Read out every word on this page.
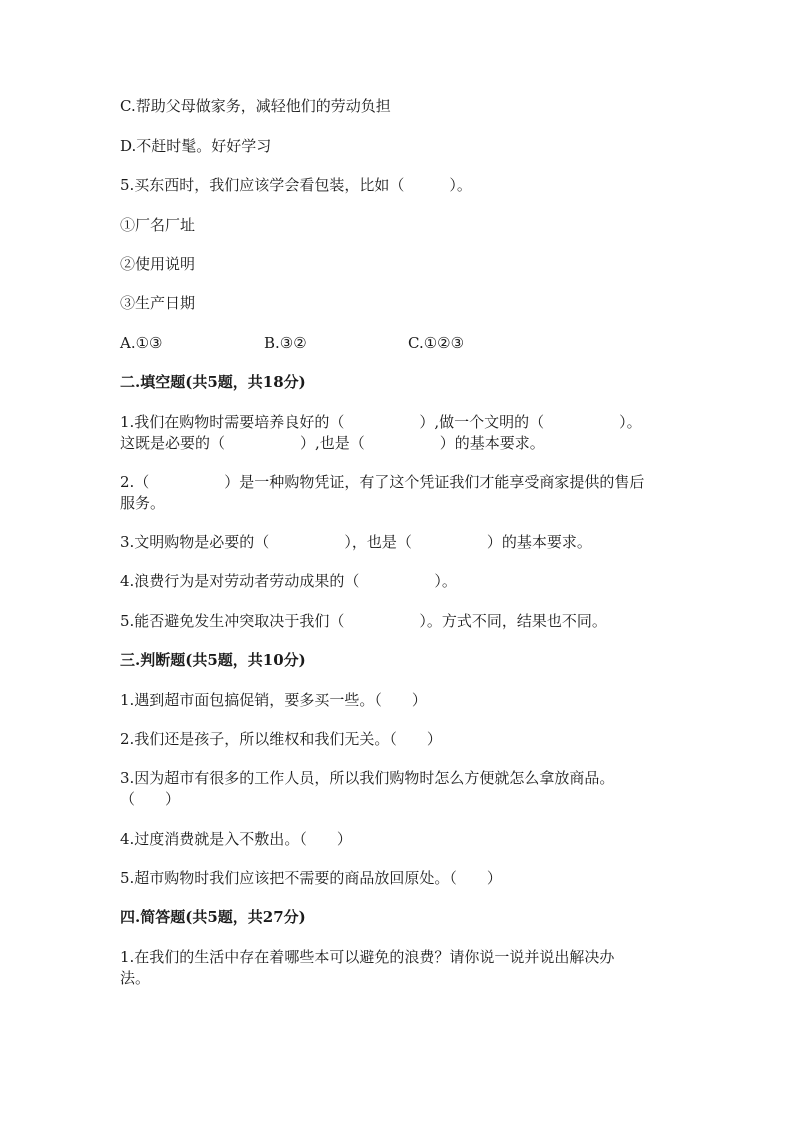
C.帮助父母做家务，减轻他们的劳动负担

D.不赶时髦。好好学习

5.买东西时，我们应该学会看包装，比如（　　　）。

①厂名厂址

②使用说明

③生产日期

A.①③	B.③②	C.①②③

二.填空题(共5题，共18分)

1.我们在购物时需要培养良好的（　　　　　）,做一个文明的（　　　　　）。

这既是必要的（　　　　　）,也是（　　　　　）的基本要求。

2.（　　　　　）是一种购物凭证，有了这个凭证我们才能享受商家提供的售后

服务。

3.文明购物是必要的（　　　　　），也是（　　　　　）的基本要求。

4.浪费行为是对劳动者劳动成果的（　　　　　）。

5.能否避免发生冲突取决于我们（　　　　　）。方式不同，结果也不同。

三.判断题(共5题，共10分)

1.遇到超市面包搞促销，要多买一些。（　　）

2.我们还是孩子，所以维权和我们无关。（　　）

3.因为超市有很多的工作人员，所以我们购物时怎么方便就怎么拿放商品。

（　　）

4.过度消费就是入不敷出。（　　）

5.超市购物时我们应该把不需要的商品放回原处。（　　）

四.简答题(共5题，共27分)

1.在我们的生活中存在着哪些本可以避免的浪费？请你说一说并说出解决办

法。
